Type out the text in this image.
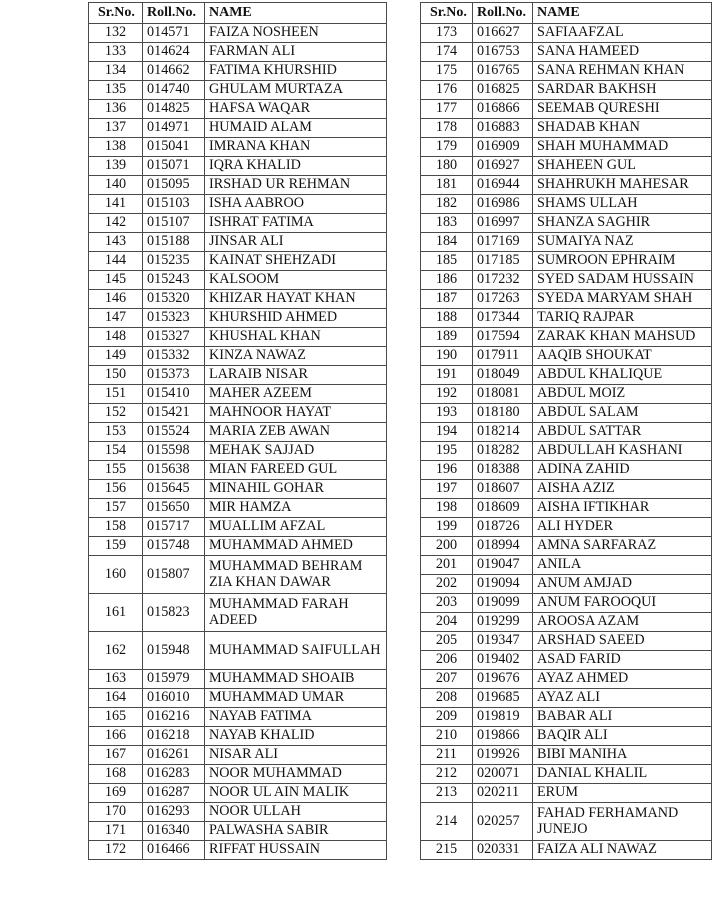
Sr.No.	Roll.No.	NAME
132	014571	FAIZA NOSHEEN
133	014624	FARMAN ALI
134	014662	FATIMA KHURSHID
135	014740	GHULAM MURTAZA
136	014825	HAFSA WAQAR
137	014971	HUMAID ALAM
138	015041	IMRANA KHAN
139	015071	IQRA KHALID
140	015095	IRSHAD UR REHMAN
141	015103	ISHA AABROO
142	015107	ISHRAT FATIMA
143	015188	JINSAR ALI
144	015235	KAINAT SHEHZADI
145	015243	KALSOOM
146	015320	KHIZAR HAYAT KHAN
147	015323	KHURSHID AHMED
148	015327	KHUSHAL KHAN
149	015332	KINZA NAWAZ
150	015373	LARAIB NISAR
151	015410	MAHER AZEEM
152	015421	MAHNOOR HAYAT
153	015524	MARIA ZEB AWAN
154	015598	MEHAK SAJJAD
155	015638	MIAN FAREED GUL
156	015645	MINAHIL GOHAR
157	015650	MIR HAMZA
158	015717	MUALLIM AFZAL
159	015748	MUHAMMAD AHMED
160	015807	MUHAMMAD BEHRAM ZIA KHAN DAWAR
161	015823	MUHAMMAD FARAH ADEED
162	015948	MUHAMMAD SAIFULLAH
163	015979	MUHAMMAD SHOAIB
164	016010	MUHAMMAD UMAR
165	016216	NAYAB FATIMA
166	016218	NAYAB KHALID
167	016261	NISAR ALI
168	016283	NOOR MUHAMMAD
169	016287	NOOR UL AIN MALIK
170	016293	NOOR ULLAH
171	016340	PALWASHA SABIR
172	016466	RIFFAT HUSSAIN
Sr.No.	Roll.No.	NAME
173	016627	SAFIAAFZAL
174	016753	SANA HAMEED
175	016765	SANA REHMAN KHAN
176	016825	SARDAR BAKHSH
177	016866	SEEMAB QURESHI
178	016883	SHADAB KHAN
179	016909	SHAH MUHAMMAD
180	016927	SHAHEEN GUL
181	016944	SHAHRUKH MAHESAR
182	016986	SHAMS ULLAH
183	016997	SHANZA SAGHIR
184	017169	SUMAIYA NAZ
185	017185	SUMROON EPHRAIM
186	017232	SYED SADAM HUSSAIN
187	017263	SYEDA MARYAM SHAH
188	017344	TARIQ RAJPAR
189	017594	ZARAK KHAN MAHSUD
190	017911	AAQIB SHOUKAT
191	018049	ABDUL KHALIQUE
192	018081	ABDUL MOIZ
193	018180	ABDUL SALAM
194	018214	ABDUL SATTAR
195	018282	ABDULLAH KASHANI
196	018388	ADINA ZAHID
197	018607	AISHA AZIZ
198	018609	AISHA IFTIKHAR
199	018726	ALI HYDER
200	018994	AMNA SARFARAZ
201	019047	ANILA
202	019094	ANUM AMJAD
203	019099	ANUM FAROOQUI
204	019299	AROOSA AZAM
205	019347	ARSHAD SAEED
206	019402	ASAD FARID
207	019676	AYAZ AHMED
208	019685	AYAZ ALI
209	019819	BABAR ALI
210	019866	BAQIR ALI
211	019926	BIBI MANIHA
212	020071	DANIAL KHALIL
213	020211	ERUM
214	020257	FAHAD FERHAMAND JUNEJO
215	020331	FAIZA ALI NAWAZ
